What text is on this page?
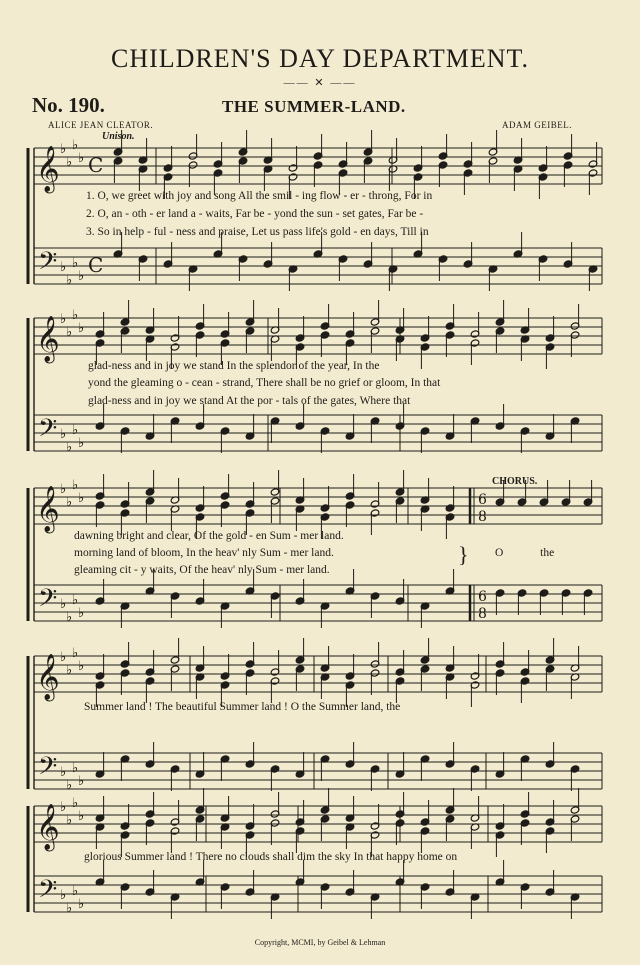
𝄞
𝄢
♭
♭
♭
♭
♭
♭
♭
♭
C
C
𝄞
𝄢
♭
♭
♭
♭
♭
♭
♭
♭
𝄞
𝄢
♭
♭
♭
♭
♭
♭
♭
♭
6
8
6
8
𝄞
𝄢
♭
♭
♭
♭
♭
♭
♭
♭
𝄞
𝄢
♭
♭
♭
♭
♭
♭
♭
♭
CHILDREN'S DAY DEPARTMENT.
—— ✕ ——
No. 190.	THE SUMMER-LAND.
ALICE JEAN CLEATOR.	ADAM GEIBEL.
Unison.
1. O, we greet with joy and song All the smil - ing flow - er - throng, For in
2. O, an - oth - er land a - waits, Far be - yond the sun - set gates, Far be -
3. So in help - ful - ness and praise, Let us pass life's gold - en days, Till in
glad-ness and in joy we stand In the splendor of the year, In the
yond the gleaming o - cean - strand, There shall be no grief or gloom, In that
glad-ness and in joy we stand At the por - tals of the gates, Where that
CHORUS.
dawning bright and clear, Of the gold - en Sum - mer land.
morning land of bloom, In the heav' nly Sum - mer land.
gleaming cit - y waits, Of the heav' nly Sum - mer land.
} O the
Summer land ! The beautiful Summer land ! O the Summer land, the
glorious Summer land ! There no clouds shall dim the sky In that happy home on
Copyright, MCMI, by Geibel & Lehman
